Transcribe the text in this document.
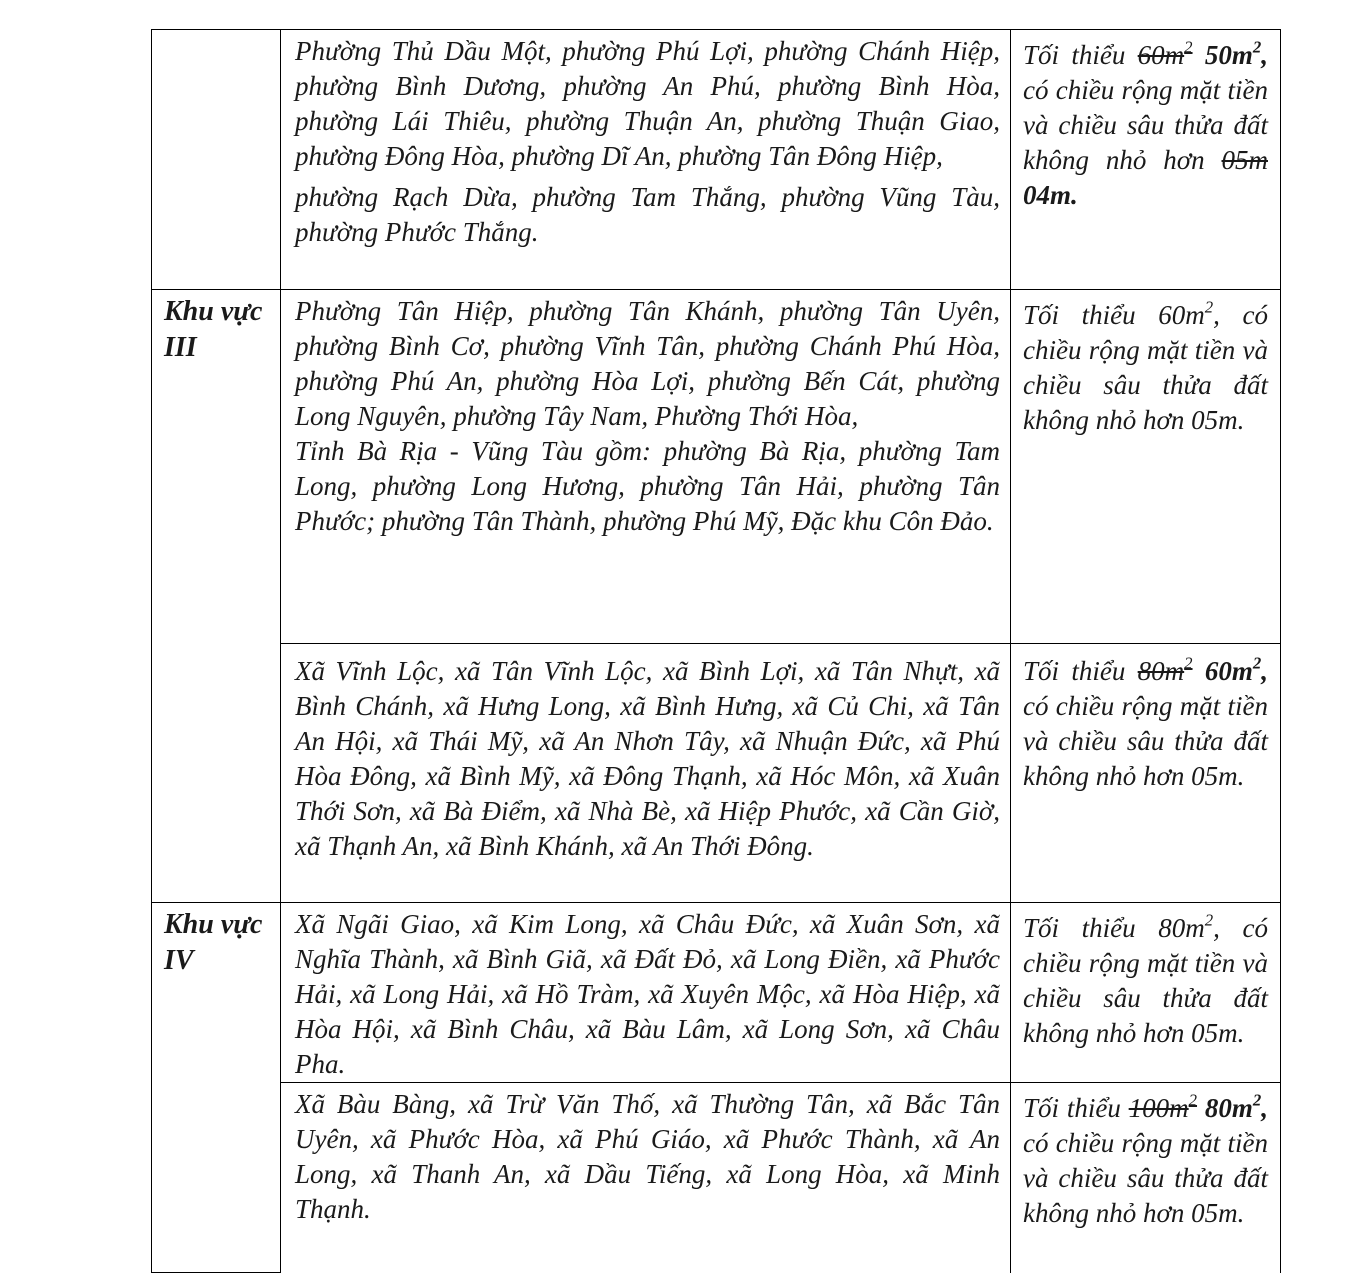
	Phường Thủ Dầu Một, phường Phú Lợi, phường Chánh Hiệp, phường Bình Dương, phường An Phú, phường Bình Hòa, phường Lái Thiêu, phường Thuận An, phường Thuận Giao, phường Đông Hòa, phường Dĩ An, phường Tân Đông Hiệp,

phường Rạch Dừa, phường Tam Thắng, phường Vũng Tàu, phường Phước Thắng.	Tối thiểu $60m^2$ $50m^2$, có chiều rộng mặt tiền và chiều sâu thửa đất không nhỏ hơn 05m 04m.
Khu vực III	Phường Tân Hiệp, phường Tân Khánh, phường Tân Uyên, phường Bình Cơ, phường Vĩnh Tân, phường Chánh Phú Hòa, phường Phú An, phường Hòa Lợi, phường Bến Cát, phường Long Nguyên, phường Tây Nam, Phường Thới Hòa,

Tỉnh Bà Rịa - Vũng Tàu gồm: phường Bà Rịa, phường Tam Long, phường Long Hương, phường Tân Hải, phường Tân Phước; phường Tân Thành, phường Phú Mỹ, Đặc khu Côn Đảo.	Tối thiểu $60m^2$, có chiều rộng mặt tiền và chiều sâu thửa đất không nhỏ hơn 05m.

	Xã Vĩnh Lộc, xã Tân Vĩnh Lộc, xã Bình Lợi, xã Tân Nhựt, xã Bình Chánh, xã Hưng Long, xã Bình Hưng, xã Củ Chi, xã Tân An Hội, xã Thái Mỹ, xã An Nhơn Tây, xã Nhuận Đức, xã Phú Hòa Đông, xã Bình Mỹ, xã Đông Thạnh, xã Hóc Môn, xã Xuân Thới Sơn, xã Bà Điểm, xã Nhà Bè, xã Hiệp Phước, xã Cần Giờ, xã Thạnh An, xã Bình Khánh, xã An Thới Đông.	Tối thiểu $80m^2$ $60m^2$, có chiều rộng mặt tiền và chiều sâu thửa đất không nhỏ hơn 05m.
Khu vực IV	Xã Ngãi Giao, xã Kim Long, xã Châu Đức, xã Xuân Sơn, xã Nghĩa Thành, xã Bình Giã, xã Đất Đỏ, xã Long Điền, xã Phước Hải, xã Long Hải, xã Hồ Tràm, xã Xuyên Mộc, xã Hòa Hiệp, xã Hòa Hội, xã Bình Châu, xã Bàu Lâm, xã Long Sơn, xã Châu Pha.	Tối thiểu $80m^2$, có chiều rộng mặt tiền và chiều sâu thửa đất không nhỏ hơn 05m.

	Xã Bàu Bàng, xã Trừ Văn Thố, xã Thường Tân, xã Bắc Tân Uyên, xã Phước Hòa, xã Phú Giáo, xã Phước Thành, xã An Long, xã Thanh An, xã Dầu Tiếng, xã Long Hòa, xã Minh Thạnh.	Tối thiểu $100m^2$ $80m^2$, có chiều rộng mặt tiền và chiều sâu thửa đất không nhỏ hơn 05m.
